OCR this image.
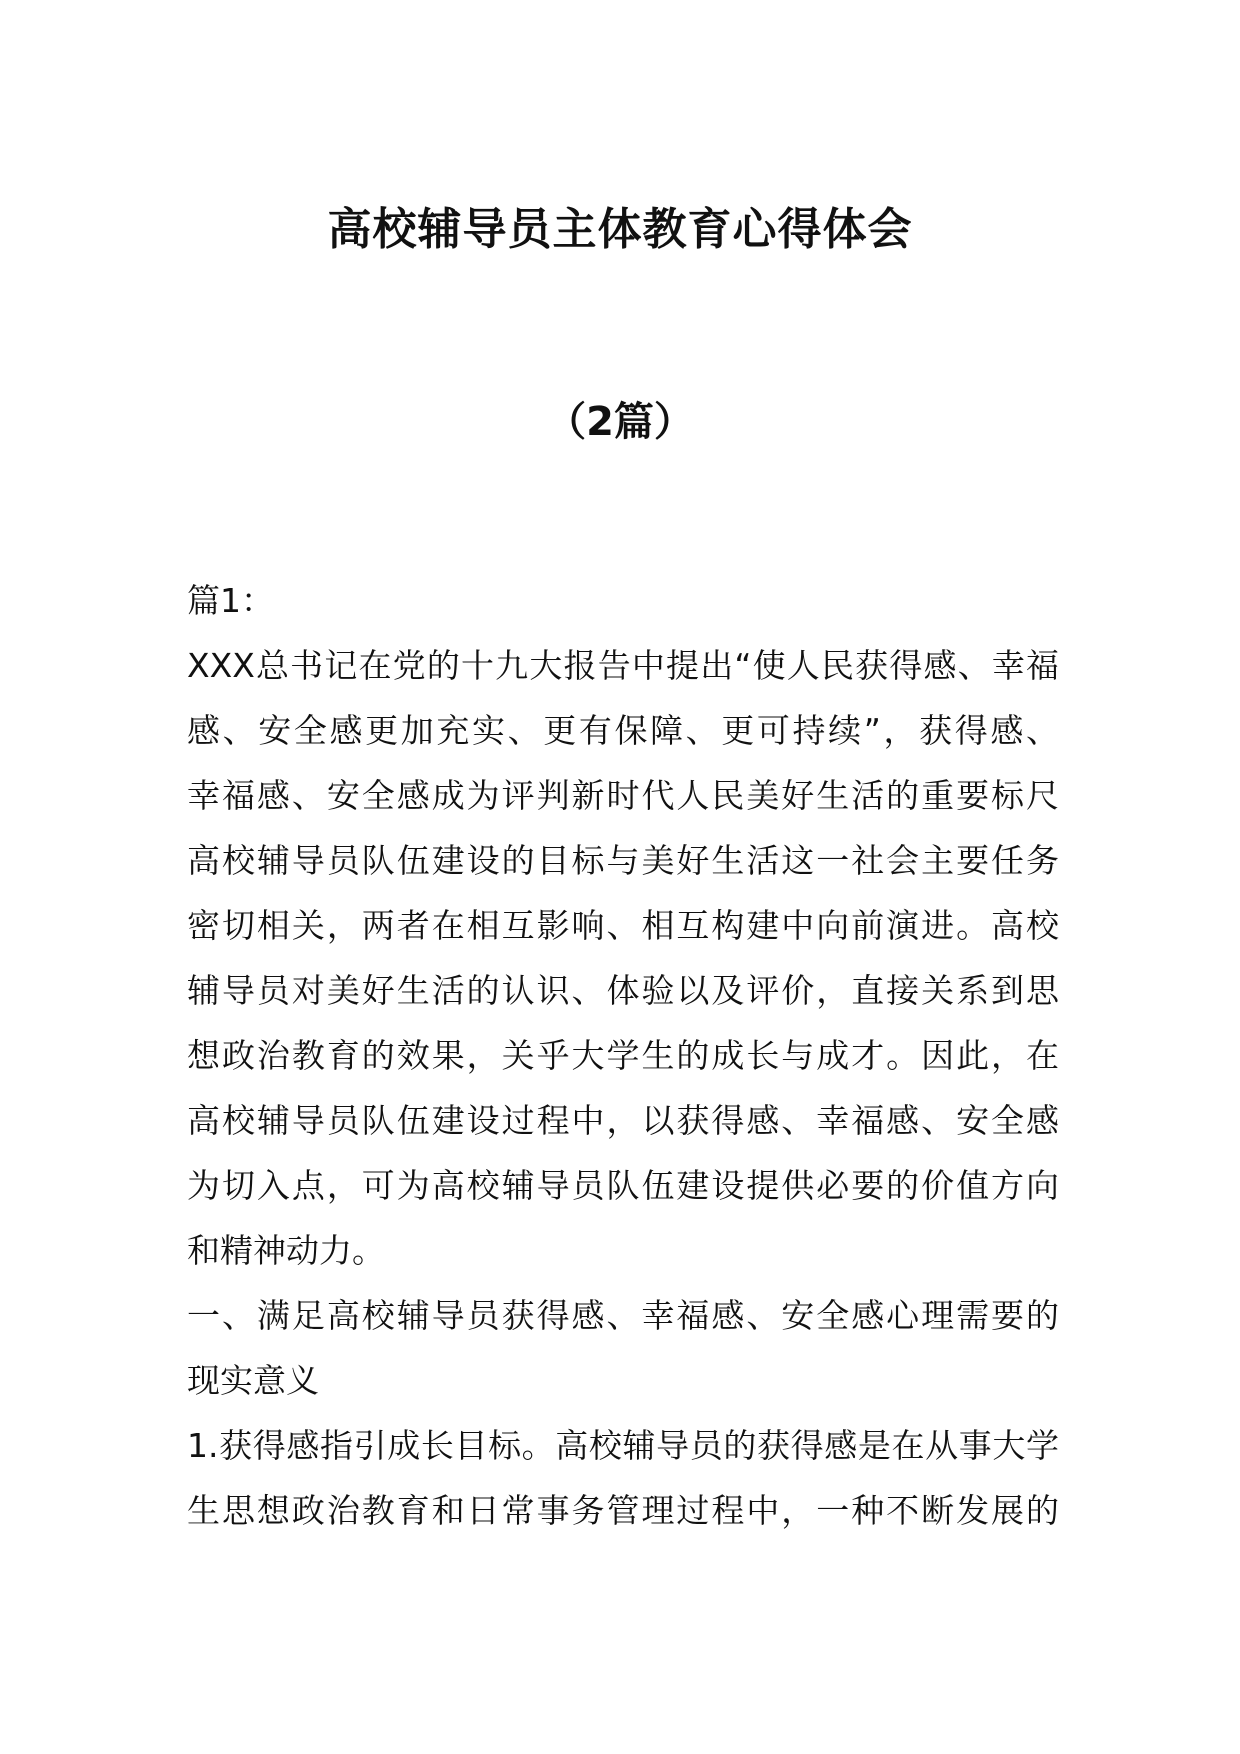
高校辅导员主体教育心得体会
（2篇）
篇1：
XXX总书记在党的十九大报告中提出“使人民获得感、幸福
感、安全感更加充实、更有保障、更可持续”，获得感、
幸福感、安全感成为评判新时代人民美好生活的重要标尺
高校辅导员队伍建设的目标与美好生活这一社会主要任务
密切相关，两者在相互影响、相互构建中向前演进。高校
辅导员对美好生活的认识、体验以及评价，直接关系到思
想政治教育的效果，关乎大学生的成长与成才。因此，在
高校辅导员队伍建设过程中，以获得感、幸福感、安全感
为切入点，可为高校辅导员队伍建设提供必要的价值方向
和精神动力。
一、满足高校辅导员获得感、幸福感、安全感心理需要的
现实意义
1.获得感指引成长目标。高校辅导员的获得感是在从事大学
生思想政治教育和日常事务管理过程中，一种不断发展的
